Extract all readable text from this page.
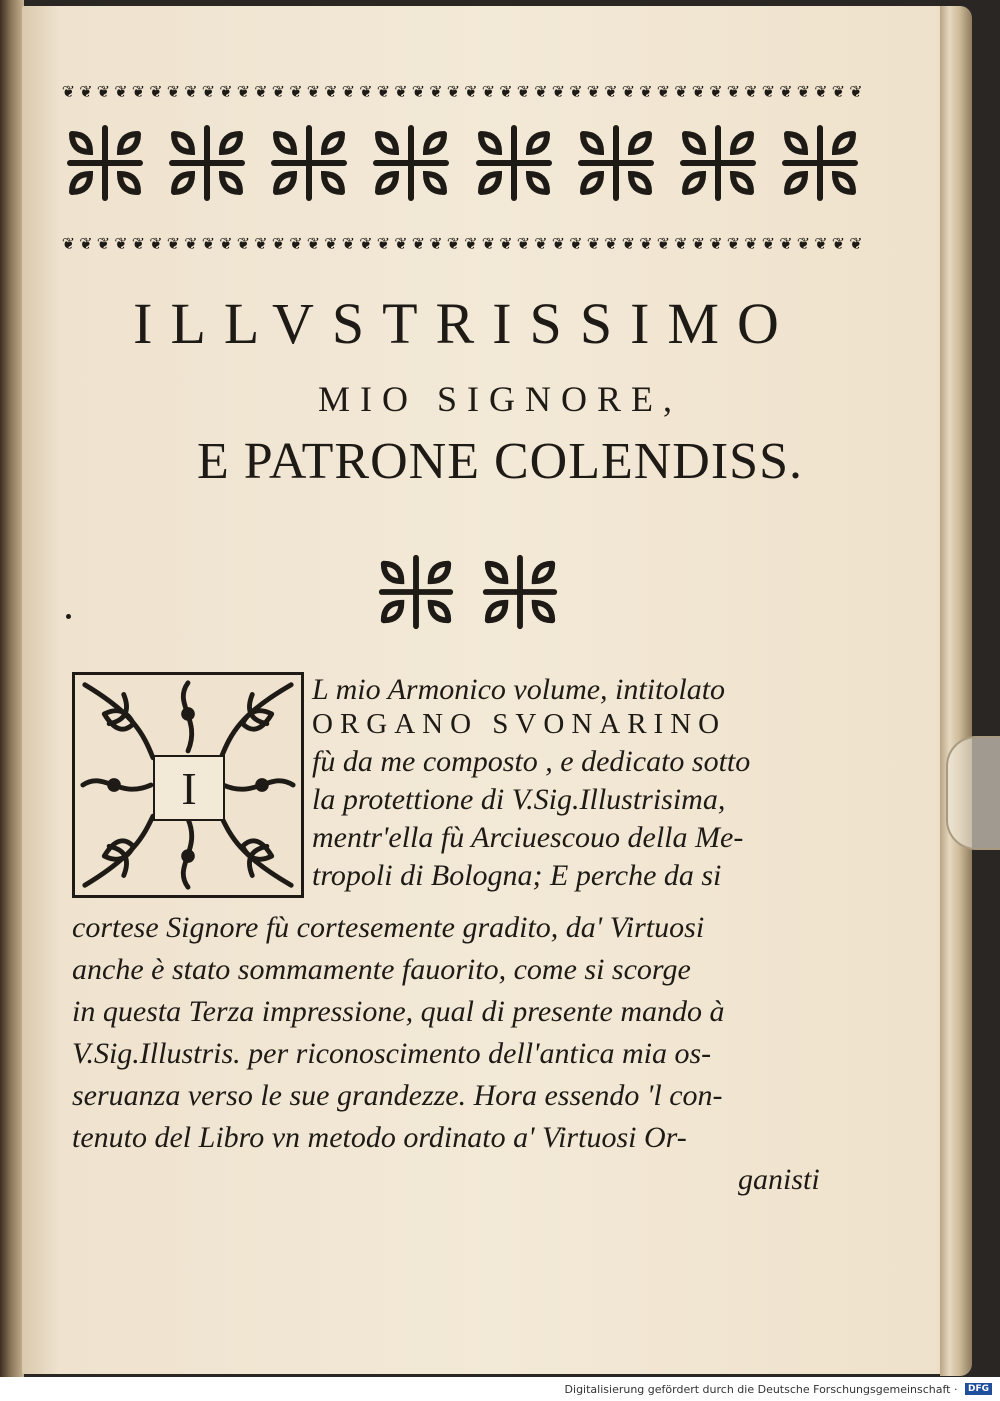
❦ ❦ ❦ ❦ ❦ ❦ ❦ ❦ ❦ ❦ ❦ ❦ ❦ ❦ ❦ ❦ ❦ ❦ ❦ ❦ ❦ ❦ ❦ ❦ ❦ ❦ ❦ ❦ ❦ ❦ ❦ ❦ ❦ ❦ ❦ ❦ ❦ ❦ ❦ ❦ ❦ ❦ ❦ ❦ ❦ ❦
❦ ❦ ❦ ❦ ❦ ❦ ❦ ❦ ❦ ❦ ❦ ❦ ❦ ❦ ❦ ❦ ❦ ❦ ❦ ❦ ❦ ❦ ❦ ❦ ❦ ❦ ❦ ❦ ❦ ❦ ❦ ❦ ❦ ❦ ❦ ❦ ❦ ❦ ❦ ❦ ❦ ❦ ❦ ❦ ❦ ❦
ILLVSTRISSIMO
MIO SIGNORE,
E PATRONE COLENDISS.
I
L mio Armonico volume, intitolato
ORGANO SVONARINO
fù da me composto , e dedicato sotto
la protettione di V.Sig.Illustrisima,
mentr'ella fù Arciuescouo della Me-
tropoli di Bologna; E perche da si
cortese Signore fù cortesemente gradito, da' Virtuosi
anche è stato sommamente fauorito, come si scorge
in questa Terza impressione, qual di presente mando à
V.Sig.Illustris. per riconoscimento dell'antica mia os-
seruanza verso le sue grandezze. Hora essendo 'l con-
tenuto del Libro vn metodo ordinato a' Virtuosi Or-
ganisti
Digitalisierung gefördert durch die Deutsche Forschungsgemeinschaft · DFG
